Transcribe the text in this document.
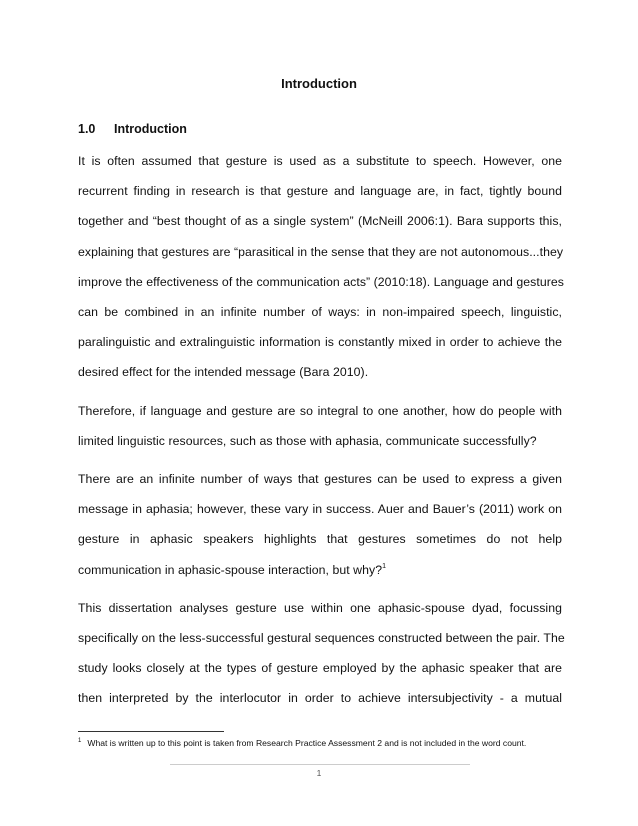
Introduction
1.0 Introduction

It is often assumed that gesture is used as a substitute to speech. However, one
recurrent finding in research is that gesture and language are, in fact, tightly bound
together and “best thought of as a single system” (McNeill 2006:1). Bara supports this,
explaining that gestures are “parasitical in the sense that they are not autonomous...they
improve the effectiveness of the communication acts” (2010:18). Language and gestures
can be combined in an infinite number of ways: in non-impaired speech, linguistic,
paralinguistic and extralinguistic information is constantly mixed in order to achieve the
desired effect for the intended message (Bara 2010).

Therefore, if language and gesture are so integral to one another, how do people with
limited linguistic resources, such as those with aphasia, communicate successfully?

There are an infinite number of ways that gestures can be used to express a given
message in aphasia; however, these vary in success. Auer and Bauer’s (2011) work on
gesture in aphasic speakers highlights that gestures sometimes do not help
communication in aphasic-spouse interaction, but why?$^1$

This dissertation analyses gesture use within one aphasic-spouse dyad, focussing
specifically on the less-successful gestural sequences constructed between the pair. The
study looks closely at the types of gesture employed by the aphasic speaker that are
then interpreted by the interlocutor in order to achieve intersubjectivity - a mutual

$^1$ What is written up to this point is taken from Research Practice Assessment 2 and is not included in the word count.
1
